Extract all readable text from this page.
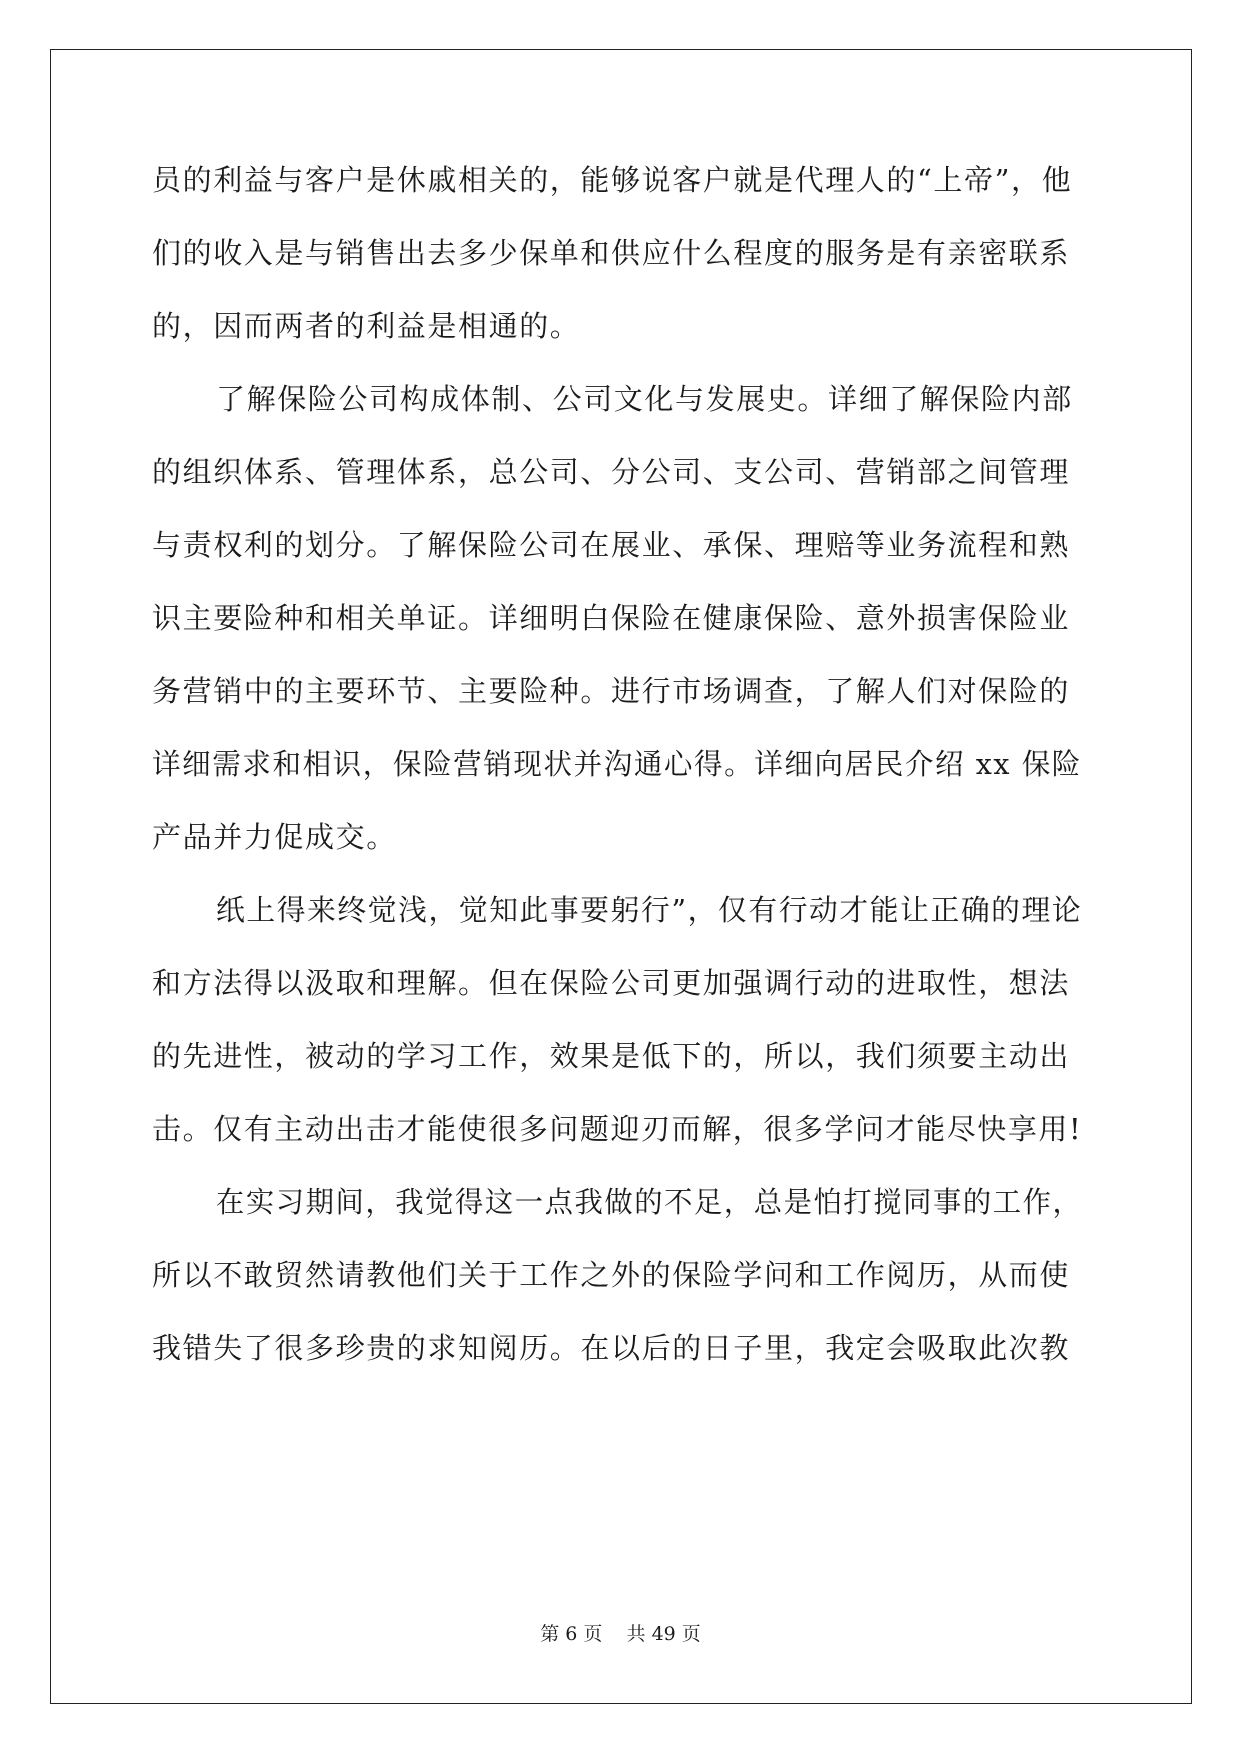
员的利益与客户是休戚相关的，能够说客户就是代理人的“上帝”，他
们的收入是与销售出去多少保单和供应什么程度的服务是有亲密联系
的，因而两者的利益是相通的。
了解保险公司构成体制、公司文化与发展史。详细了解保险内部
的组织体系、管理体系，总公司、分公司、支公司、营销部之间管理
与责权利的划分。了解保险公司在展业、承保、理赔等业务流程和熟
识主要险种和相关单证。详细明白保险在健康保险、意外损害保险业
务营销中的主要环节、主要险种。进行市场调查，了解人们对保险的
详细需求和相识，保险营销现状并沟通心得。详细向居民介绍 xx 保险
产品并力促成交。
纸上得来终觉浅，觉知此事要躬行”，仅有行动才能让正确的理论
和方法得以汲取和理解。但在保险公司更加强调行动的进取性，想法
的先进性，被动的学习工作，效果是低下的，所以，我们须要主动出
击。仅有主动出击才能使很多问题迎刃而解，很多学问才能尽快享用!
在实习期间，我觉得这一点我做的不足，总是怕打搅同事的工作，
所以不敢贸然请教他们关于工作之外的保险学问和工作阅历，从而使
我错失了很多珍贵的求知阅历。在以后的日子里，我定会吸取此次教
第 6 页    共 49 页
